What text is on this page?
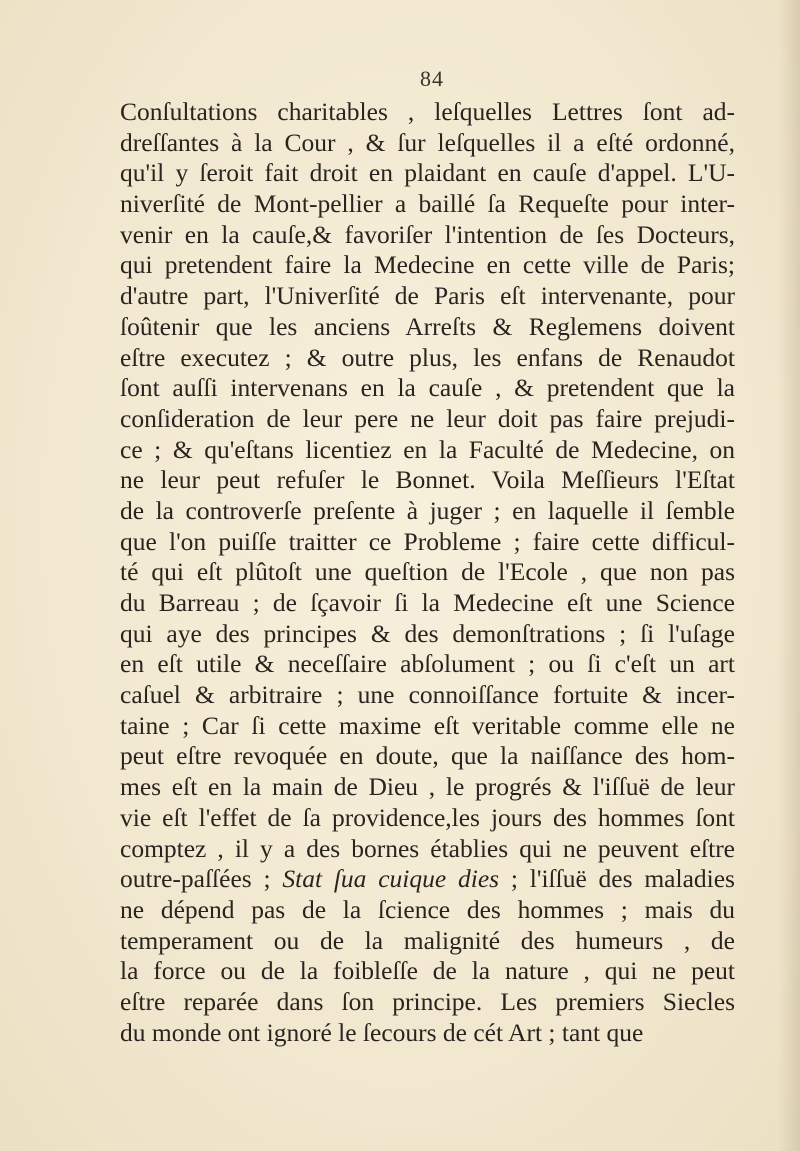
84
Conſultations charitables , leſquelles Lettres ſont ad-
dreſſantes à la Cour , & ſur leſquelles il a eſté ordonné,
qu'il y ſeroit fait droit en plaidant en cauſe d'appel. L'U-
niverſité de Mont-pellier a baillé ſa Requeſte pour inter-
venir en la cauſe,& favoriſer l'intention de ſes Docteurs,
qui pretendent faire la Medecine en cette ville de Paris;
d'autre part, l'Univerſité de Paris eſt intervenante, pour
ſoûtenir que les anciens Arreſts & Reglemens doivent
eſtre executez ; & outre plus, les enfans de Renaudot
ſont auſſi intervenans en la cauſe , & pretendent que la
conſideration de leur pere ne leur doit pas faire prejudi-
ce ; & qu'eſtans licentiez en la Faculté de Medecine, on
ne leur peut refuſer le Bonnet. Voila Meſſieurs l'Eſtat
de la controverſe preſente à juger ; en laquelle il ſemble
que l'on puiſſe traitter ce Probleme ; faire cette difficul-
té qui eſt plûtoſt une queſtion de l'Ecole , que non pas
du Barreau ; de ſçavoir ſi la Medecine eſt une Science
qui aye des principes & des demonſtrations ; ſi l'uſage
en eſt utile & neceſſaire abſolument ; ou ſi c'eſt un art
caſuel & arbitraire ; une connoiſſance fortuite & incer-
taine ; Car ſi cette maxime eſt veritable comme elle ne
peut eſtre revoquée en doute, que la naiſſance des hom-
mes eſt en la main de Dieu , le progrés & l'iſſuë de leur
vie eſt l'effet de ſa providence,les jours des hommes ſont
comptez , il y a des bornes établies qui ne peuvent eſtre
outre-paſſées ; Stat ſua cuique dies ; l'iſſuë des maladies
ne dépend pas de la ſcience des hommes ; mais du
temperament ou de la malignité des humeurs , de
la force ou de la foibleſſe de la nature , qui ne peut
eſtre reparée dans ſon principe. Les premiers Siecles
du monde ont ignoré le ſecours de cét Art ; tant que
